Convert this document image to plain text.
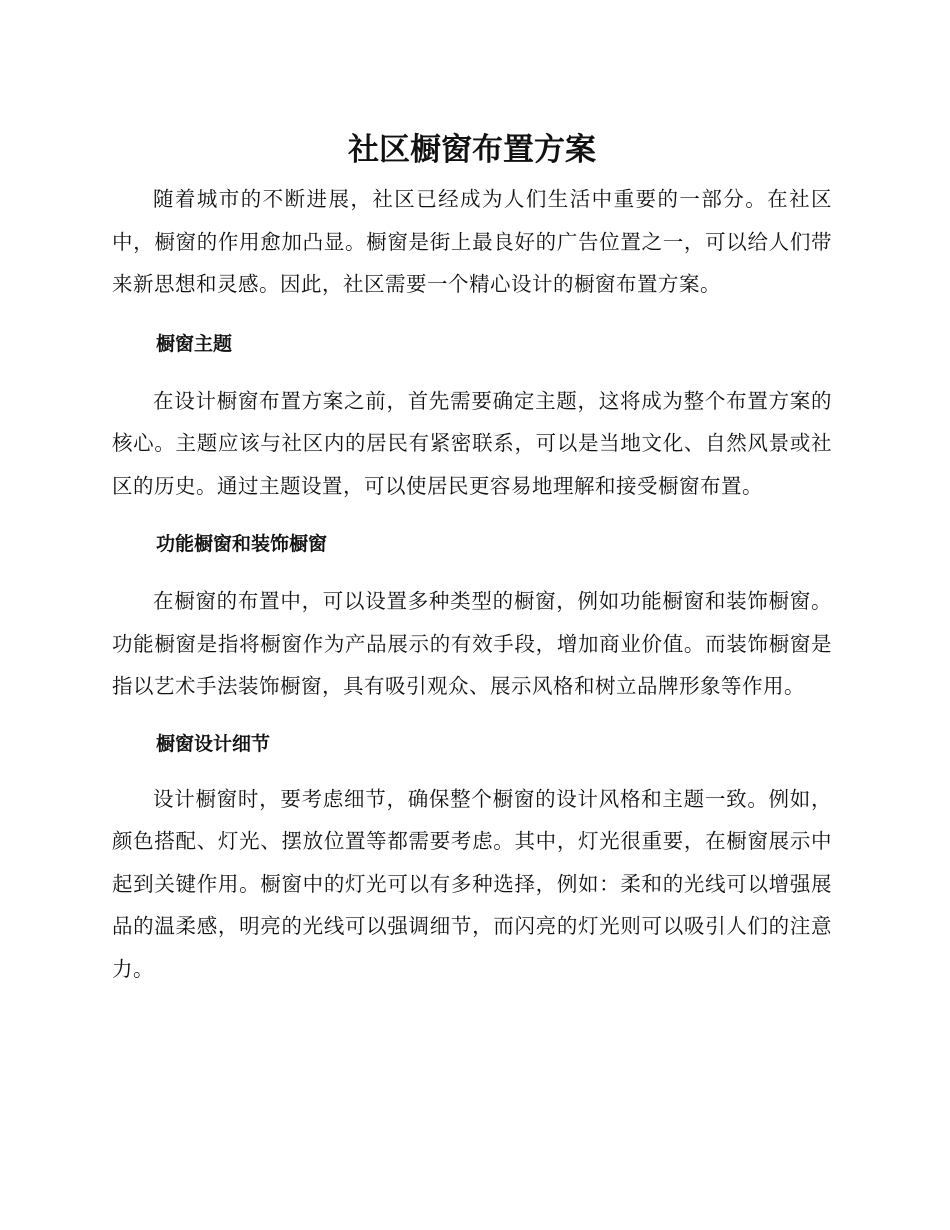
社区橱窗布置方案

随着城市的不断进展，社区已经成为人们生活中重要的一部分。在社区中，橱窗的作用愈加凸显。橱窗是街上最良好的广告位置之一，可以给人们带来新思想和灵感。因此，社区需要一个精心设计的橱窗布置方案。

橱窗主题

在设计橱窗布置方案之前，首先需要确定主题，这将成为整个布置方案的核心。主题应该与社区内的居民有紧密联系，可以是当地文化、自然风景或社区的历史。通过主题设置，可以使居民更容易地理解和接受橱窗布置。

功能橱窗和装饰橱窗

在橱窗的布置中，可以设置多种类型的橱窗，例如功能橱窗和装饰橱窗。功能橱窗是指将橱窗作为产品展示的有效手段，增加商业价值。而装饰橱窗是指以艺术手法装饰橱窗，具有吸引观众、展示风格和树立品牌形象等作用。

橱窗设计细节

设计橱窗时，要考虑细节，确保整个橱窗的设计风格和主题一致。例如，颜色搭配、灯光、摆放位置等都需要考虑。其中，灯光很重要，在橱窗展示中起到关键作用。橱窗中的灯光可以有多种选择，例如：柔和的光线可以增强展品的温柔感，明亮的光线可以强调细节，而闪亮的灯光则可以吸引人们的注意力。
